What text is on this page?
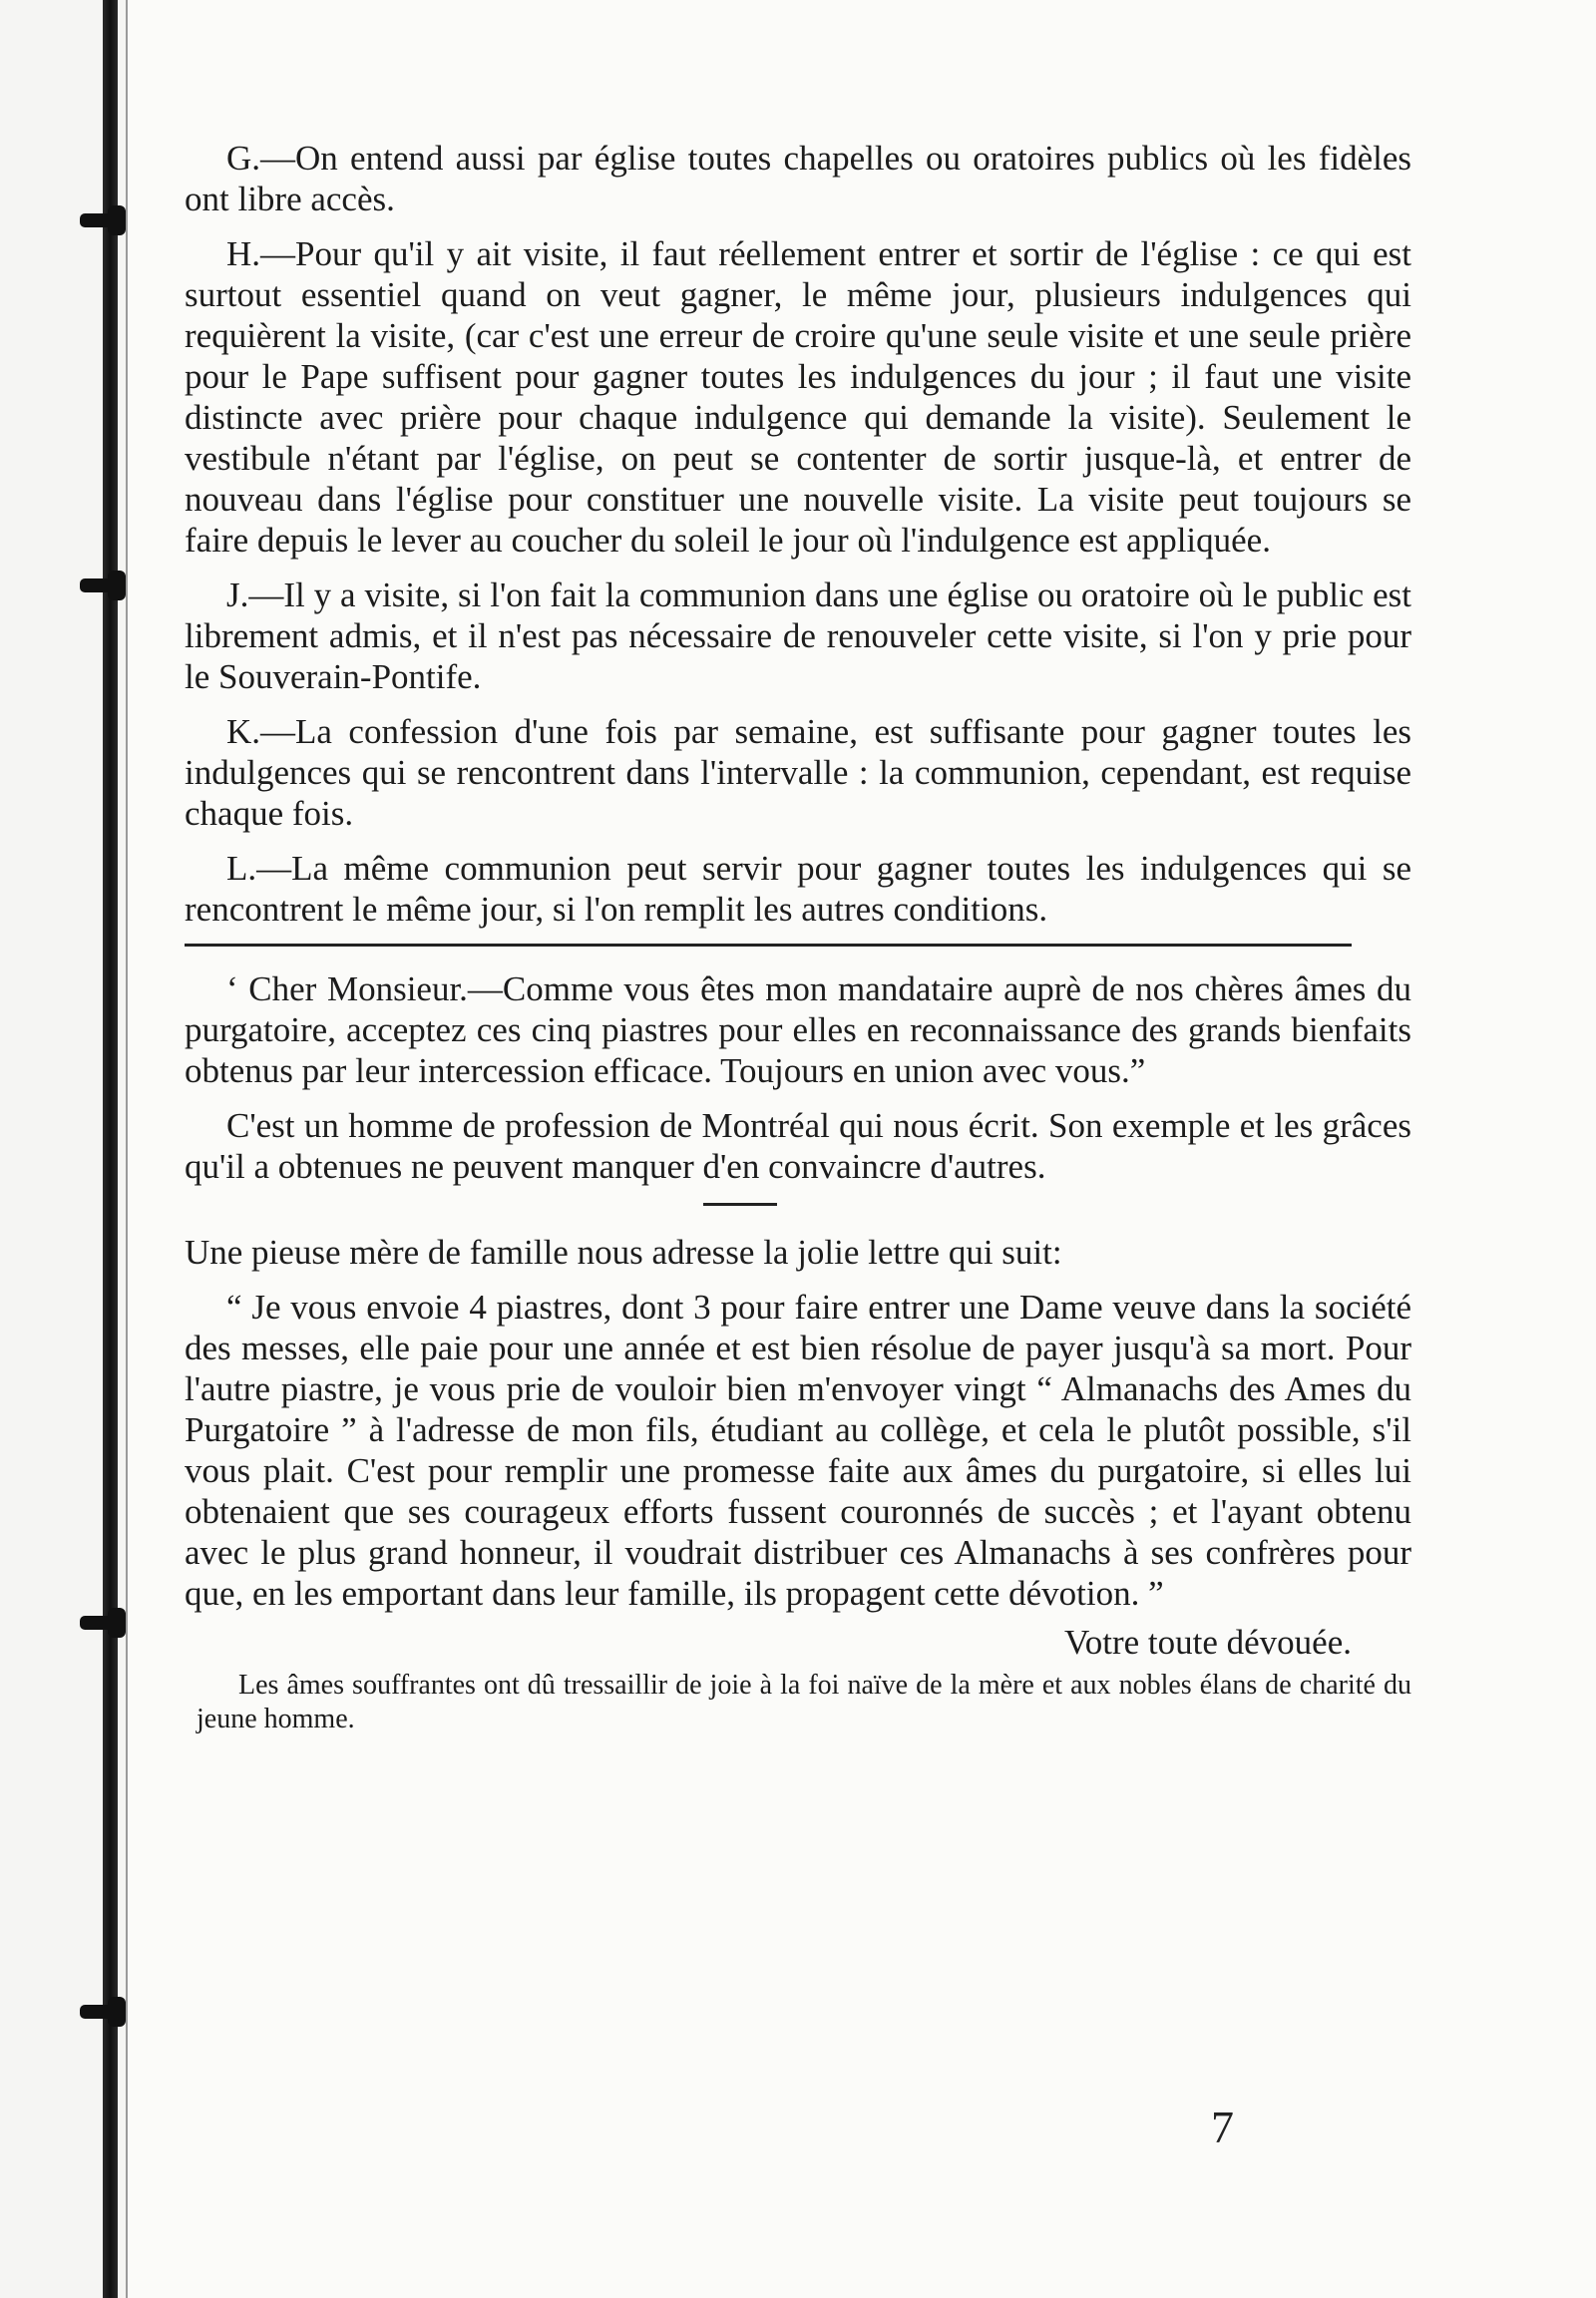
G.—On entend aussi par église toutes chapelles ou oratoires publics où les fidèles ont libre accès.

H.—Pour qu'il y ait visite, il faut réellement entrer et sortir de l'église : ce qui est surtout essentiel quand on veut gagner, le même jour, plusieurs indulgences qui requièrent la visite, (car c'est une erreur de croire qu'une seule visite et une seule prière pour le Pape suffisent pour gagner toutes les indulgences du jour ; il faut une visite distincte avec prière pour chaque indulgence qui demande la visite). Seulement le vestibule n'étant par l'église, on peut se contenter de sortir jusque-là, et entrer de nouveau dans l'église pour constituer une nouvelle visite. La visite peut toujours se faire depuis le lever au coucher du soleil le jour où l'indulgence est appliquée.

J.—Il y a visite, si l'on fait la communion dans une église ou oratoire où le public est librement admis, et il n'est pas nécessaire de renouveler cette visite, si l'on y prie pour le Souverain-Pontife.

K.—La confession d'une fois par semaine, est suffisante pour gagner toutes les indulgences qui se rencontrent dans l'intervalle : la communion, cependant, est requise chaque fois.

L.—La même communion peut servir pour gagner toutes les indulgences qui se rencontrent le même jour, si l'on remplit les autres conditions.

‘ Cher Monsieur.—Comme vous êtes mon mandataire auprè de nos chères âmes du purgatoire, acceptez ces cinq piastres pour elles en reconnaissance des grands bienfaits obtenus par leur intercession efficace. Toujours en union avec vous.”

C'est un homme de profession de Montréal qui nous écrit. Son exemple et les grâces qu'il a obtenues ne peuvent manquer d'en convaincre d'autres.

Une pieuse mère de famille nous adresse la jolie lettre qui suit:

“ Je vous envoie 4 piastres, dont 3 pour faire entrer une Dame veuve dans la société des messes, elle paie pour une année et est bien résolue de payer jusqu'à sa mort. Pour l'autre piastre, je vous prie de vouloir bien m'envoyer vingt “ Almanachs des Ames du Purgatoire ” à l'adresse de mon fils, étudiant au collège, et cela le plutôt possible, s'il vous plait. C'est pour remplir une promesse faite aux âmes du purgatoire, si elles lui obtenaient que ses courageux efforts fussent couronnés de succès ; et l'ayant obtenu avec le plus grand honneur, il voudrait distribuer ces Almanachs à ses confrères pour que, en les emportant dans leur famille, ils propagent cette dévotion. ”

Votre toute dévouée.

Les âmes souffrantes ont dû tressaillir de joie à la foi naïve de la mère et aux nobles élans de charité du jeune homme.

7
